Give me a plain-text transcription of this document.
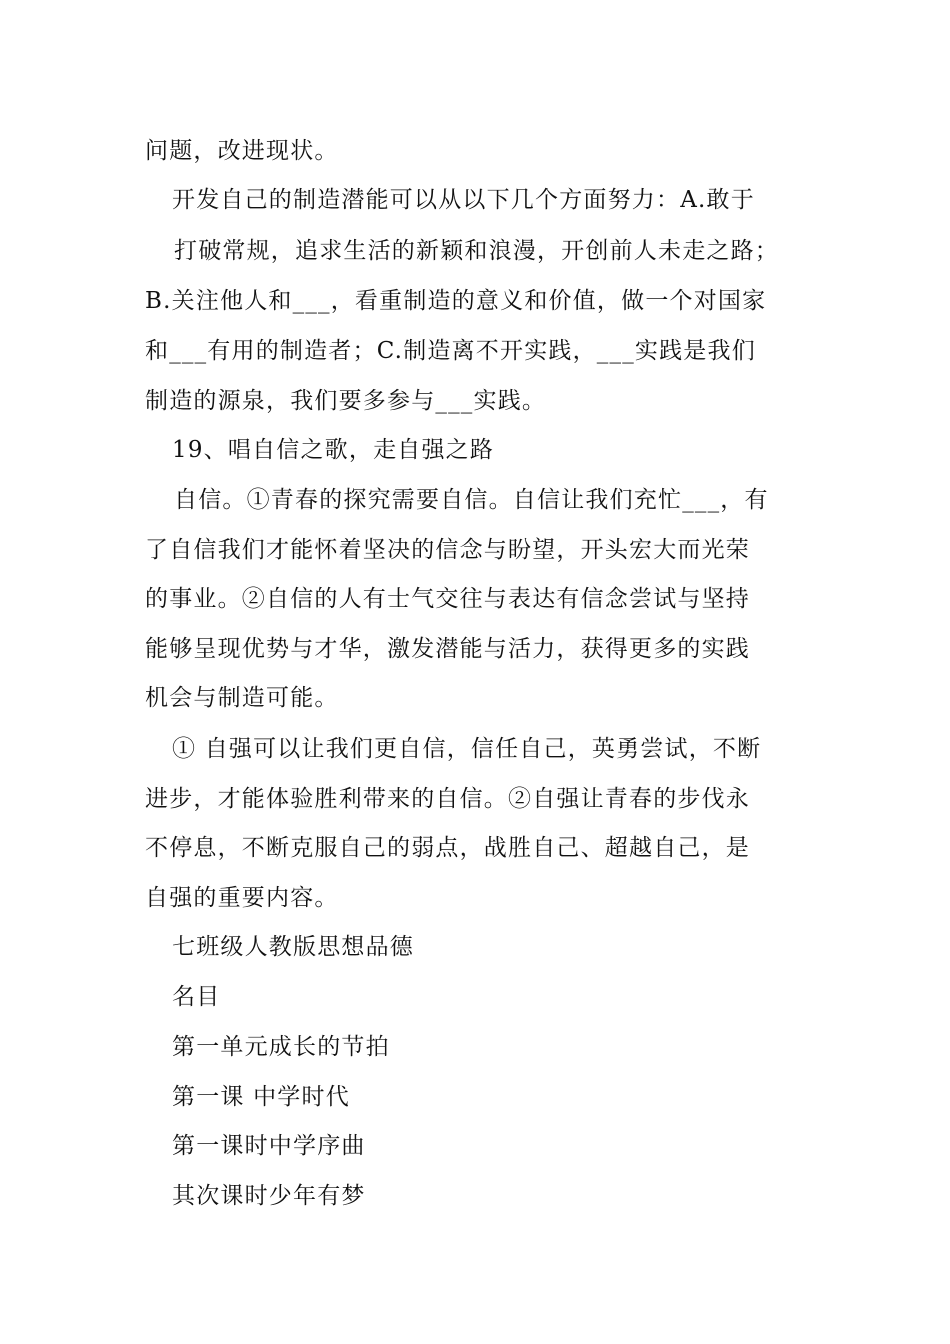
问题，改进现状。
开发自己的制造潜能可以从以下几个方面努力：A.敢于
打破常规，追求生活的新颖和浪漫，开创前人未走之路；
B.关注他人和___，看重制造的意义和价值，做一个对国家
和___有用的制造者；C.制造离不开实践，___实践是我们
制造的源泉，我们要多参与___实践。
19、唱自信之歌，走自强之路
自信。①青春的探究需要自信。自信让我们充忙___，有
了自信我们才能怀着坚决的信念与盼望，开头宏大而光荣
的事业。②自信的人有士气交往与表达有信念尝试与坚持
能够呈现优势与才华，激发潜能与活力，获得更多的实践
机会与制造可能。
① 自强可以让我们更自信，信任自己，英勇尝试，不断
进步，才能体验胜利带来的自信。②自强让青春的步伐永
不停息，不断克服自己的弱点，战胜自己、超越自己，是
自强的重要内容。
七班级人教版思想品德
名目
第一单元成长的节拍
第一课 中学时代
第一课时中学序曲
其次课时少年有梦
